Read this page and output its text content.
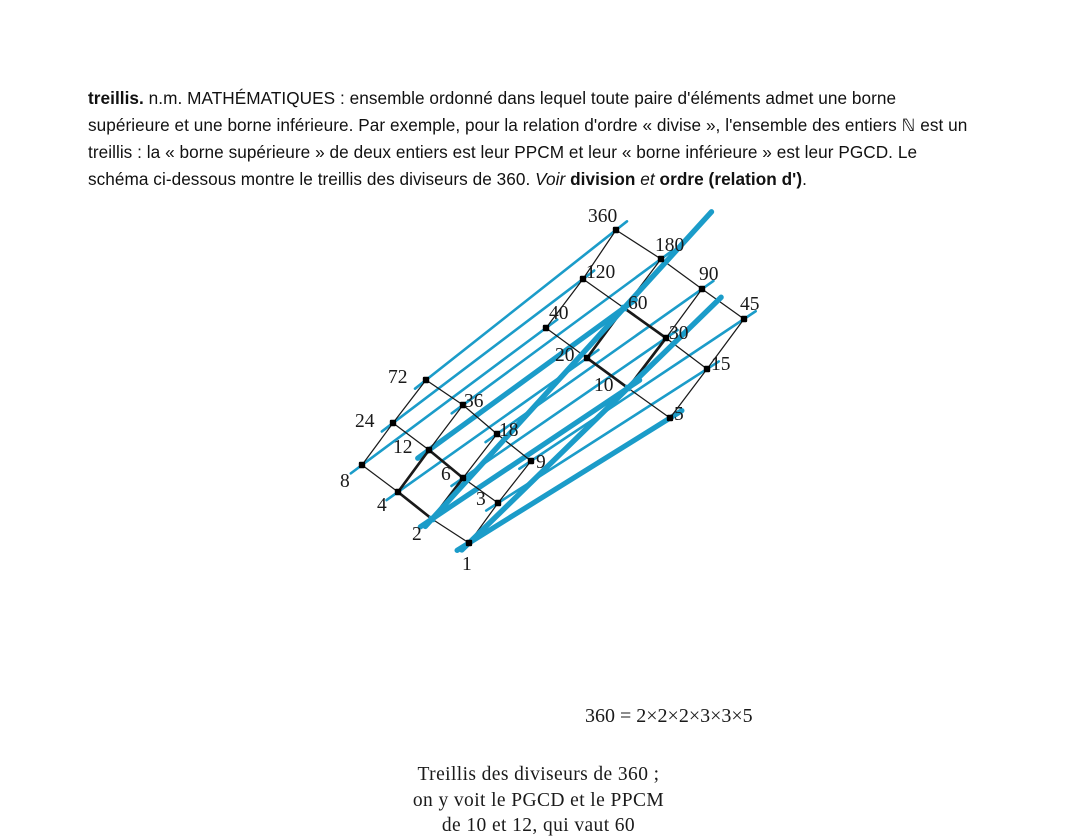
treillis. n.m. MATHÉMATIQUES : ensemble ordonné dans lequel toute paire d'éléments admet une borne supérieure et une borne inférieure. Par exemple, pour la relation d'ordre « divise », l'ensemble des entiers ℕ est un treillis : la « borne supérieure » de deux entiers est leur PPCM et leur « borne inférieure » est leur PGCD. Le schéma ci-dessous montre le treillis des diviseurs de 360. Voir division et ordre (relation d').

1
2
4
8
3
6
12
24
9
18
36
72
5
10
20
40
15
30
60
120
45
90
180
360
360 = 2×2×2×3×3×5
Treillis des diviseurs de 360 ;
on y voit le PGCD et le PPCM
de 10 et 12, qui vaut 60
